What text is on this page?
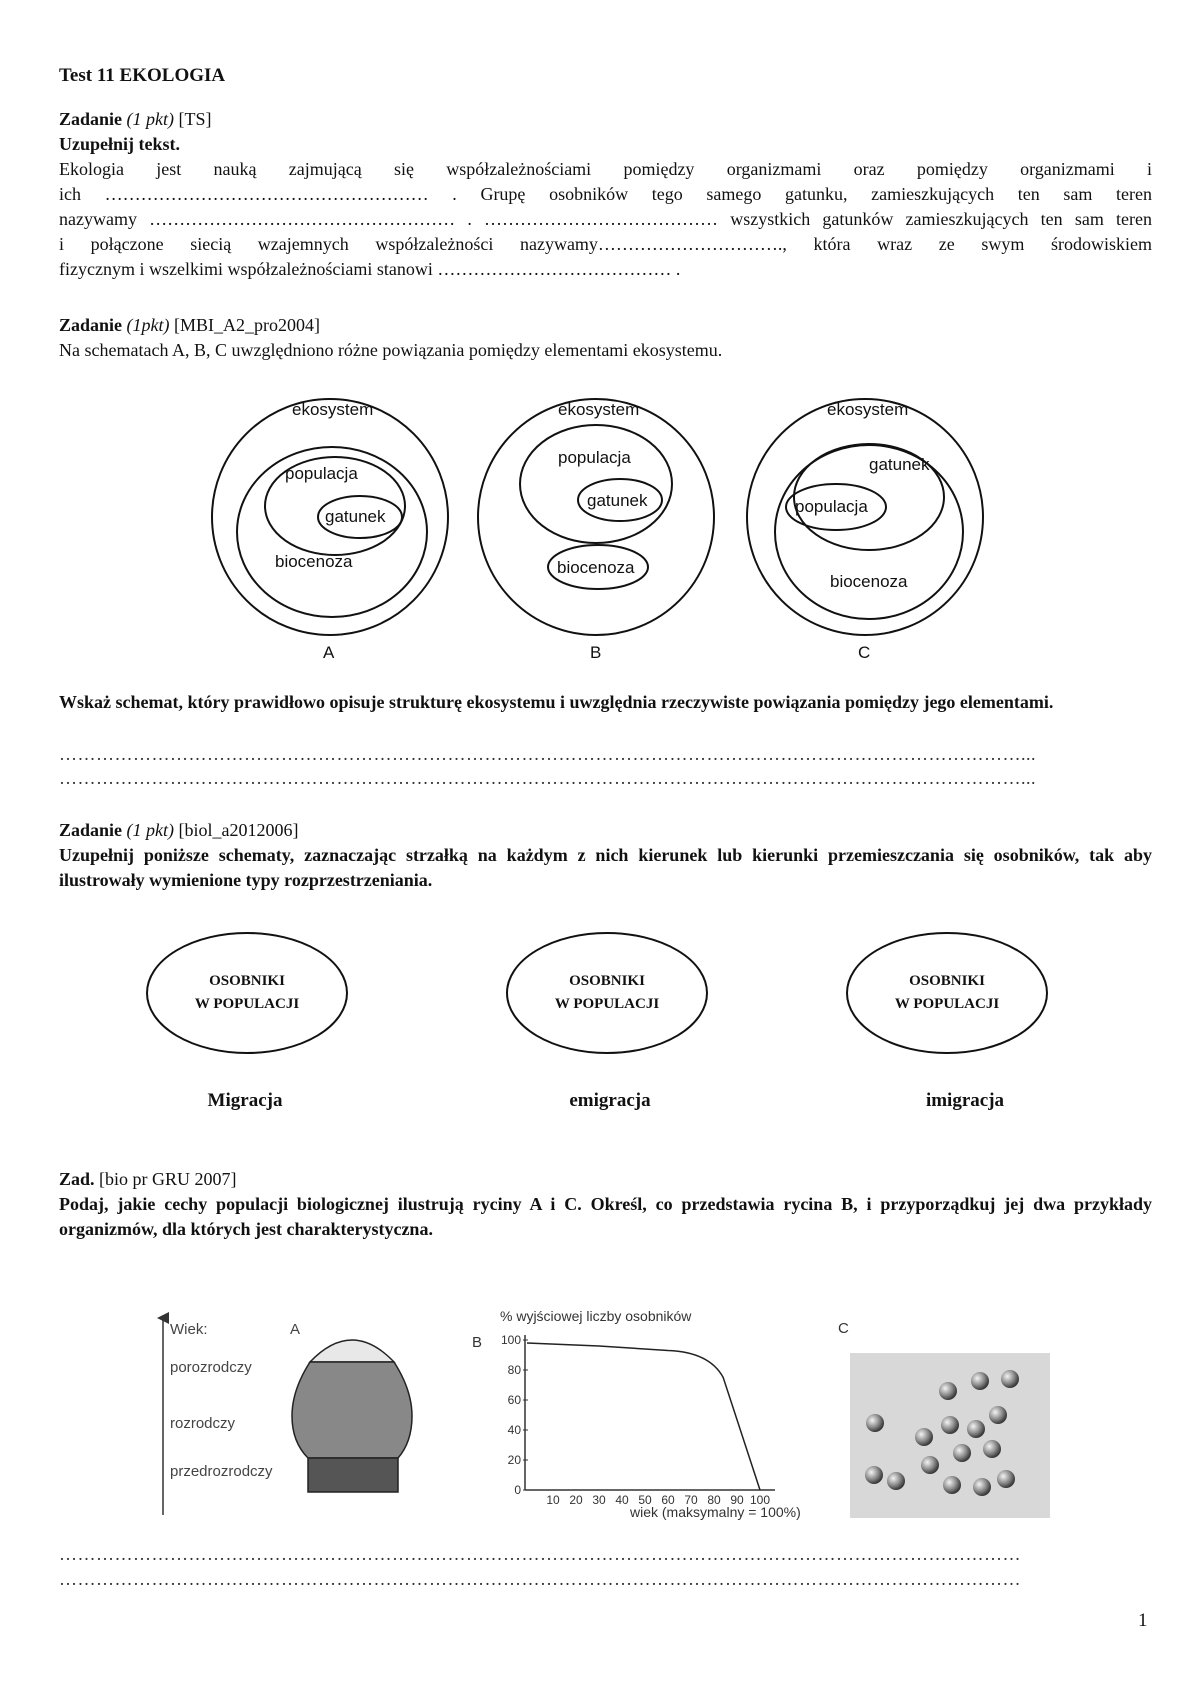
Test 11 EKOLOGIA
Zadanie (1 pkt) [TS]
Uzupełnij tekst.
Ekologia jest nauką zajmującą się współzależnościami pomiędzy organizmami oraz pomiędzy organizmami i
ich ……………………………………………… . Grupę osobników tego samego gatunku, zamieszkujących ten sam teren
nazywamy …………………………………………… . ………………………………… wszystkich gatunków zamieszkujących ten sam teren
i połączone siecią wzajemnych współzależności nazywamy…………………………., która wraz ze swym środowiskiem
fizycznym i wszelkimi współzależnościami stanowi ………………………………… .
Zadanie (1pkt) [MBI_A2_pro2004]
Na schematach A, B, C uwzględniono różne powiązania pomiędzy elementami ekosystemu.
ekosystem
populacja
gatunek
biocenoza
A
ekosystem
populacja
gatunek
biocenoza
B
ekosystem
gatunek
populacja
biocenoza
C
Wskaż schemat, który prawidłowo opisuje strukturę ekosystemu i uwzględnia rzeczywiste powiązania pomiędzy jego elementami.
…………………………………………………………………………………………………………………………………………...
…………………………………………………………………………………………………………………………………………...
Zadanie (1 pkt) [biol_a2012006]
Uzupełnij poniższe schematy, zaznaczając strzałką na każdym z nich kierunek lub kierunki przemieszczania się osobników, tak aby ilustrowały wymienione typy rozprzestrzeniania.
OSOBNIKI
W POPULACJI
OSOBNIKI
W POPULACJI
OSOBNIKI
W POPULACJI
Migracja	emigracja	imigracja
Zad. [bio pr GRU 2007]
Podaj, jakie cechy populacji biologicznej ilustrują ryciny A i C. Określ, co przedstawia rycina B, i przyporządkuj jej dwa przykłady organizmów, dla których jest charakterystyczna.
Wiek:	A
porozrodczy
rozrodczy
przedrozrodczy
% wyjściowej liczby osobników
B
0
20
40
60
80
100
10 20 30 40 50 60 70 80 90 100
wiek (maksymalny = 100%)
C
…………………………………………………………………………………………………………………………………………
…………………………………………………………………………………………………………………………………………
1
